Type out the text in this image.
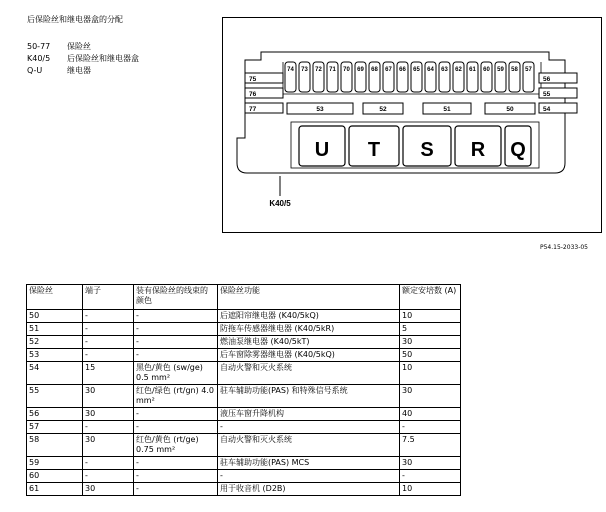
后保险丝和继电器盒的分配
50-77	保险丝
K40/5	后保险丝和继电器盒
Q-U	继电器	74 73 72 71 70 69 68 67 66 65 64 63 62 61 60 59 58 57
75
76
77
56
55
54
53	52	51	50
U T S R Q
K40/5
P54.15-2033-05
保险丝	端子	装有保险丝的线束的颜色	保险丝功能	额定安培数 (A)
50	-	-	后遮阳帘继电器 (K40/5kQ)	10
51	-	-	防拖车传感器继电器 (K40/5kR)	5
52	-	-	燃油泵继电器 (K40/5kT)	30
53	-	-	后车窗除雾器继电器 (K40/5kQ)	50
54	15	黑色/黄色 (sw/ge) 0.5 mm²	自动火警和灭火系统	10
55	30	红色/绿色 (rt/gn) 4.0 mm²	驻车辅助功能(PAS) 和特殊信号系统	30
56	30	-	液压车窗升降机构	40
57	-	-	-	-
58	30	红色/黄色 (rt/ge) 0.75 mm²	自动火警和灭火系统	7.5
59	-	-	驻车辅助功能(PAS) MCS	30
60	-	-	-	-
61	30	-	用于收音机 (D2B)	10
